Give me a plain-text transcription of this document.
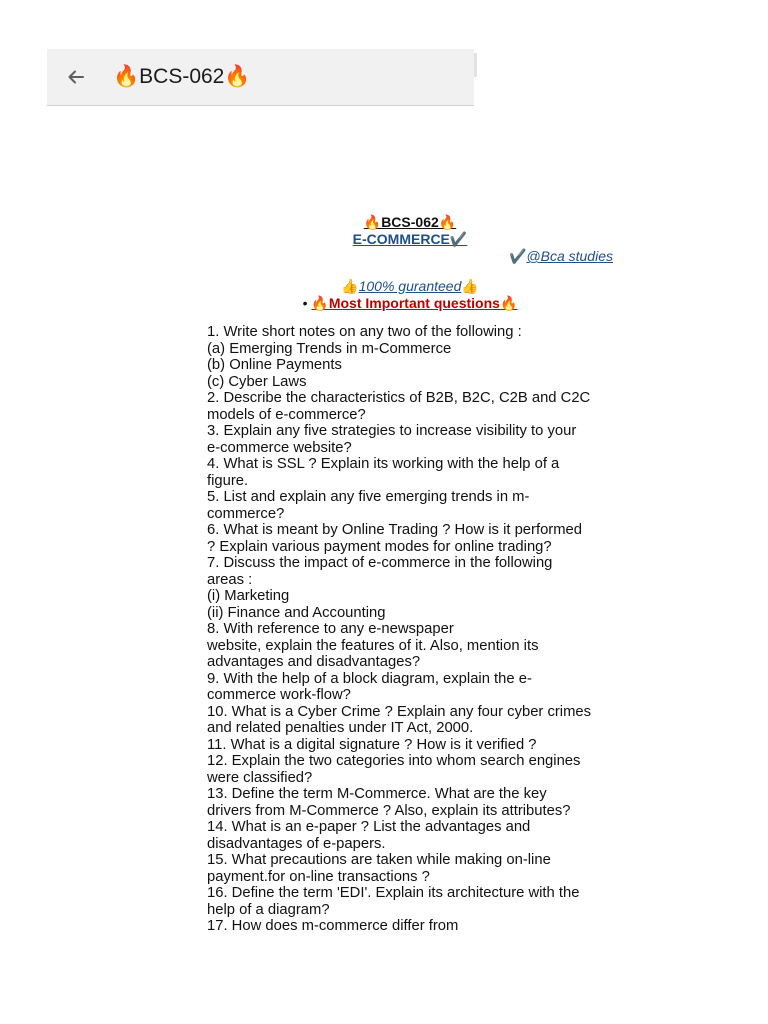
🔥BCS-062🔥
🔥BCS-062🔥
E-COMMERCE✔️
✔️@Bca studies
👍100% guranteed👍
• 🔥Most Important questions🔥
1. Write short notes on any two of the following :
(a) Emerging Trends in m-Commerce
(b) Online Payments
(c) Cyber Laws
2. Describe the characteristics of B2B, B2C, C2B and C2C
models of e-commerce?
3. Explain any five strategies to increase visibility to your
e-commerce website?
4. What is SSL ? Explain its working with the help of a
figure.
5. List and explain any five emerging trends in m-
commerce?
6. What is meant by Online Trading ? How is it performed
? Explain various payment modes for online trading?
7. Discuss the impact of e-commerce in the following
areas :
(i) Marketing
(ii) Finance and Accounting
8. With reference to any e-newspaper
website, explain the features of it. Also, mention its
advantages and disadvantages?
9. With the help of a block diagram, explain the e-
commerce work-flow?
10. What is a Cyber Crime ? Explain any four cyber crimes
and related penalties under IT Act, 2000.
11. What is a digital signature ? How is it verified ?
12. Explain the two categories into whom search engines
were classified?
13. Define the term M-Commerce. What are the key
drivers from M-Commerce ? Also, explain its attributes?
14. What is an e-paper ? List the advantages and
disadvantages of e-papers.
15. What precautions are taken while making on-line
payment.for on-line transactions ?
16. Define the term 'EDI'. Explain its architecture with the
help of a diagram?
17. How does m-commerce differ from
